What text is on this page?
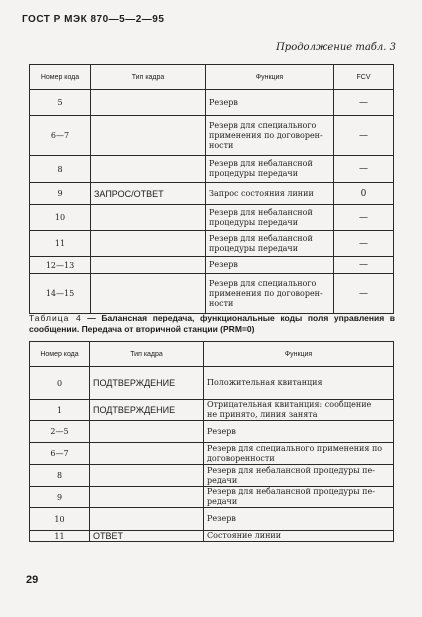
ГОСТ Р МЭК 870—5—2—95
Продолжение табл. 3
Номер кода	Тип кадра	Функция	FCV
5		Резерв	—
6—7		Резерв для специального
применения по договорен-
ности	—
8		Резерв для небалансной
процедуры передачи	—
9	ЗАПРОС/ОТВЕТ	Запрос состояния линии	0
10		Резерв для небалансной
процедуры передачи	—
11		Резерв для небалансной
процедуры передачи	—
12—13		Резерв	—
14—15		Резерв для специального
применения по договорен-
ности	—
Таблица 4 — Балансная передача, функциональные коды поля управления в сообщении. Передача от вторичной станции (PRM=0)
Номер кода	Тип кадра	Функция
0	ПОДТВЕРЖДЕНИЕ	Положительная квитанция

1	ПОДТВЕРЖДЕНИЕ	Отрицательная квитанция: сообщение
не принято, линия занята

2—5		Резерв

6—7		Резерв для специального применения по
договоренности

8		Резерв для небалансной процедуры пе-
редачи

9		Резерв для небалансной процедуры пе-
редачи

10		Резерв

11	ОТВЕТ	Состояние линии
29
